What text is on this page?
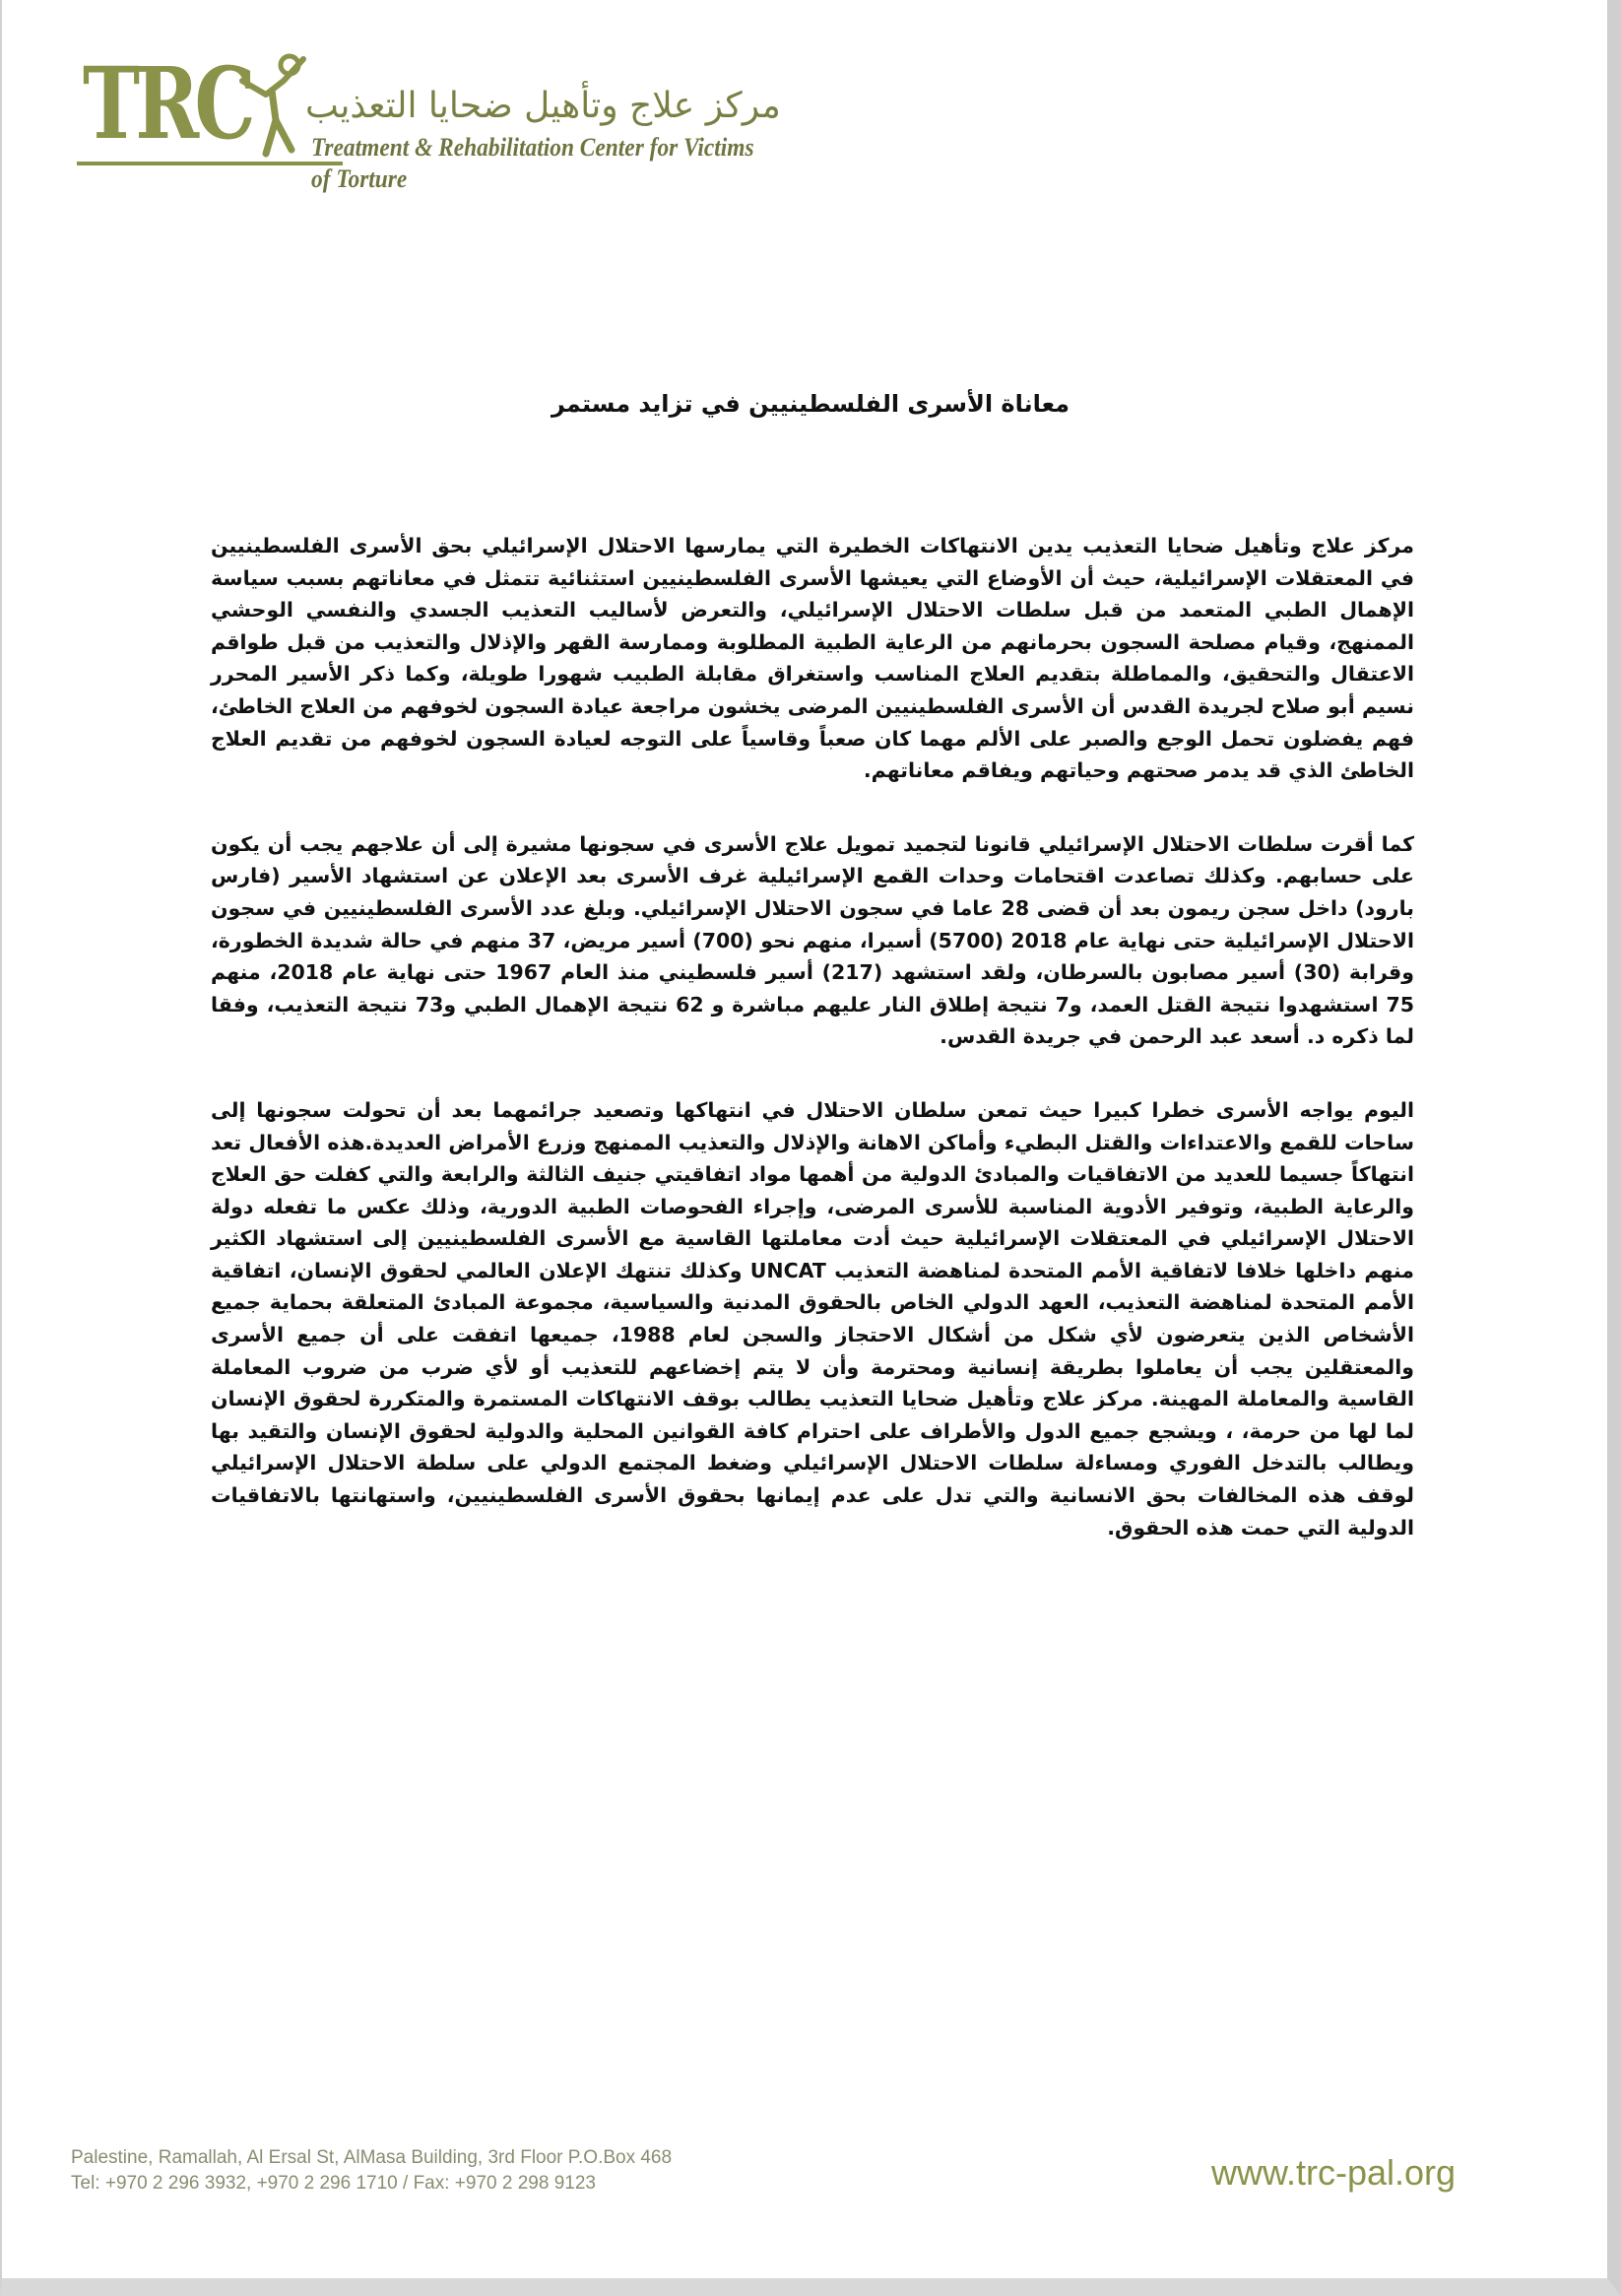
TRC مركز علاج وتأهيل ضحايا التعذيب
Treatment & Rehabilitation Center for Victims of Torture
معاناة الأسرى الفلسطينيين في تزايد مستمر

مركز علاج وتأهيل ضحايا التعذيب يدين الانتهاكات الخطيرة التي يمارسها الاحتلال الإسرائيلي بحق الأسرى الفلسطينيين في المعتقلات الإسرائيلية، حيث أن الأوضاع التي يعيشها الأسرى الفلسطينيين استثنائية تتمثل في معاناتهم بسبب سياسة الإهمال الطبي المتعمد من قبل سلطات الاحتلال الإسرائيلي، والتعرض لأساليب التعذيب الجسدي والنفسي الوحشي الممنهج، وقيام مصلحة السجون بحرمانهم من الرعاية الطبية المطلوبة وممارسة القهر والإذلال والتعذيب من قبل طواقم الاعتقال والتحقيق، والمماطلة بتقديم العلاج المناسب واستغراق مقابلة الطبيب شهورا طويلة، وكما ذكر الأسير المحرر نسيم أبو صلاح لجريدة القدس أن الأسرى الفلسطينيين المرضى يخشون مراجعة عيادة السجون لخوفهم من العلاج الخاطئ، فهم يفضلون تحمل الوجع والصبر على الألم مهما كان صعباً وقاسياً على التوجه لعيادة السجون لخوفهم من تقديم العلاج الخاطئ الذي قد يدمر صحتهم وحياتهم ويفاقم معاناتهم.

كما أقرت سلطات الاحتلال الإسرائيلي قانونا لتجميد تمويل علاج الأسرى في سجونها مشيرة إلى أن علاجهم يجب أن يكون على حسابهم. وكذلك تصاعدت اقتحامات وحدات القمع الإسرائيلية غرف الأسرى بعد الإعلان عن استشهاد الأسير (فارس بارود) داخل سجن ريمون بعد أن قضى 28 عاما في سجون الاحتلال الإسرائيلي. وبلغ عدد الأسرى الفلسطينيين في سجون الاحتلال الإسرائيلية حتى نهاية عام 2018 (5700) أسيرا، منهم نحو (700) أسير مريض، 37 منهم في حالة شديدة الخطورة، وقرابة (30) أسير مصابون بالسرطان، ولقد استشهد (217) أسير فلسطيني منذ العام 1967 حتى نهاية عام 2018، منهم 75 استشهدوا نتيجة القتل العمد، و7 نتيجة إطلاق النار عليهم مباشرة و 62 نتيجة الإهمال الطبي و73 نتيجة التعذيب، وفقا لما ذكره د. أسعد عبد الرحمن في جريدة القدس.

اليوم يواجه الأسرى خطرا كبيرا حيث تمعن سلطان الاحتلال في انتهاكها وتصعيد جرائمهما بعد أن تحولت سجونها إلى ساحات للقمع والاعتداءات والقتل البطيء وأماكن الاهانة والإذلال والتعذيب الممنهج وزرع الأمراض العديدة.هذه الأفعال تعد انتهاكاً جسيما للعديد من الاتفاقيات والمبادئ الدولية من أهمها مواد اتفاقيتي جنيف الثالثة والرابعة والتي كفلت حق العلاج والرعاية الطبية، وتوفير الأدوية المناسبة للأسرى المرضى، وإجراء الفحوصات الطبية الدورية، وذلك عكس ما تفعله دولة الاحتلال الإسرائيلي في المعتقلات الإسرائيلية حيث أدت معاملتها القاسية مع الأسرى الفلسطينيين إلى استشهاد الكثير منهم داخلها خلافا لاتفاقية الأمم المتحدة لمناهضة التعذيب UNCAT وكذلك تنتهك الإعلان العالمي لحقوق الإنسان، اتفاقية الأمم المتحدة لمناهضة التعذيب، العهد الدولي الخاص بالحقوق المدنية والسياسية، مجموعة المبادئ المتعلقة بحماية جميع الأشخاص الذين يتعرضون لأي شكل من أشكال الاحتجاز والسجن لعام 1988، جميعها اتفقت على أن جميع الأسرى والمعتقلين يجب أن يعاملوا بطريقة إنسانية ومحترمة وأن لا يتم إخضاعهم للتعذيب أو لأي ضرب من ضروب المعاملة القاسية والمعاملة المهينة. مركز علاج وتأهيل ضحايا التعذيب يطالب بوقف الانتهاكات المستمرة والمتكررة لحقوق الإنسان لما لها من حرمة، ، ويشجع جميع الدول والأطراف على احترام كافة القوانين المحلية والدولية لحقوق الإنسان والتقيد بها ويطالب بالتدخل الفوري ومساءلة سلطات الاحتلال الإسرائيلي وضغط المجتمع الدولي على سلطة الاحتلال الإسرائيلي لوقف هذه المخالفات بحق الانسانية والتي تدل على عدم إيمانها بحقوق الأسرى الفلسطينيين، واستهانتها بالاتفاقيات الدولية التي حمت هذه الحقوق.

Palestine, Ramallah, Al Ersal St, AlMasa Building, 3rd Floor P.O.Box 468
Tel: +970 2 296 3932, +970 2 296 1710 / Fax: +970 2 298 9123	www.trc-pal.org
